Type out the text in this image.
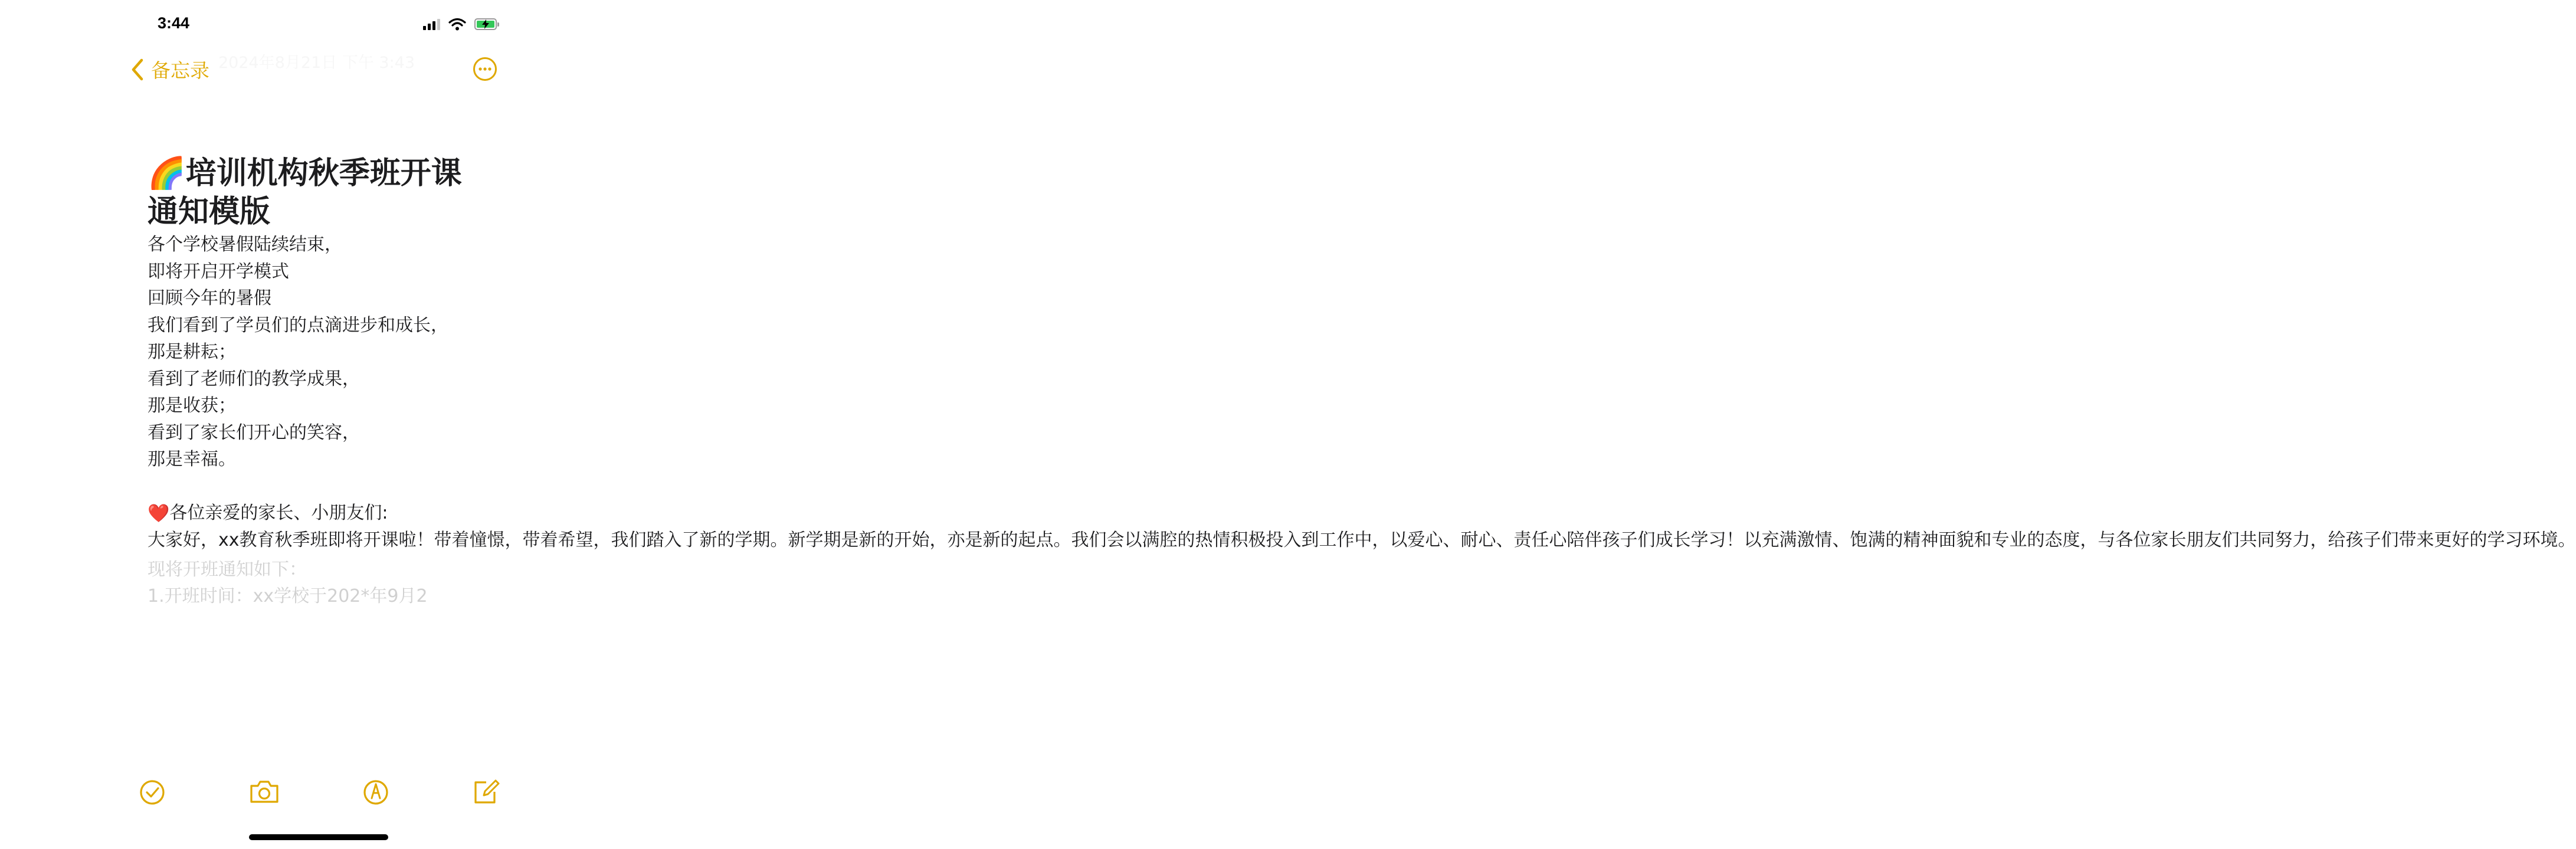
3:44
2024年8月21日 下午 3:43
备忘录
🌈培训机构秋季班开课
通知模版

各个学校暑假陆续结束，

即将开启开学模式

回顾今年的暑假

我们看到了学员们的点滴进步和成长，

那是耕耘；

看到了老师们的教学成果，

那是收获；

看到了家长们开心的笑容，

那是幸福。

❤️各位亲爱的家长、小朋友们:

大家好，xx教育秋季班即将开课啦！带着憧憬，带着希望，我们踏入了新的学期。新学期是新的开始，亦是新的起点。我们会以满腔的热情积极投入到工作中，以爱心、耐心、责任心陪伴孩子们成长学习！以充满激情、饱满的精神面貌和专业的态度，与各位家长朋友们共同努力，给孩子们带来更好的学习环境。

现将开班通知如下：

1.开班时间：xx学校于202*年9月2
